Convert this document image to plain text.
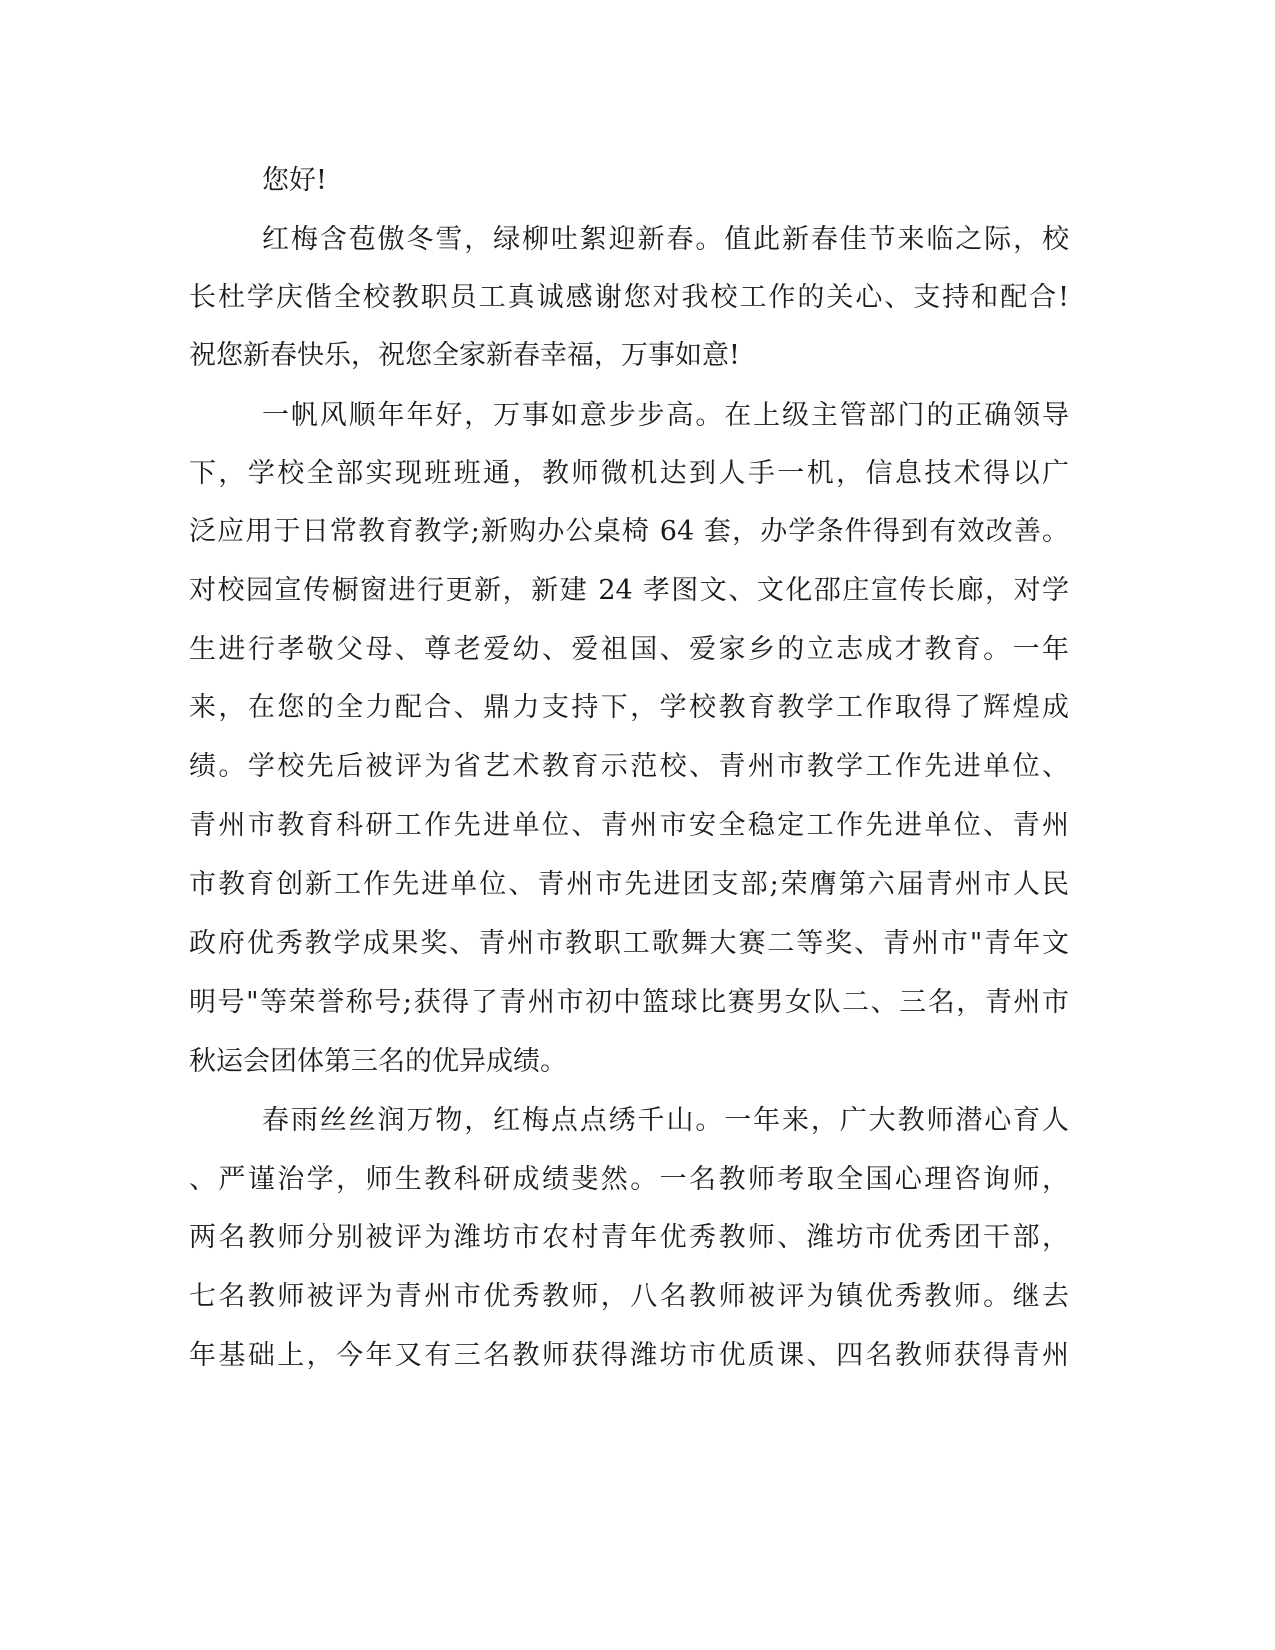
您好!

红梅含苞傲冬雪，绿柳吐絮迎新春。值此新春佳节来临之际，校

长杜学庆偕全校教职员工真诚感谢您对我校工作的关心、支持和配合!

祝您新春快乐，祝您全家新春幸福，万事如意!

一帆风顺年年好，万事如意步步高。在上级主管部门的正确领导

下，学校全部实现班班通，教师微机达到人手一机，信息技术得以广

泛应用于日常教育教学;新购办公桌椅 64 套，办学条件得到有效改善。

对校园宣传橱窗进行更新，新建 24 孝图文、文化邵庄宣传长廊，对学

生进行孝敬父母、尊老爱幼、爱祖国、爱家乡的立志成才教育。一年

来，在您的全力配合、鼎力支持下，学校教育教学工作取得了辉煌成

绩。学校先后被评为省艺术教育示范校、青州市教学工作先进单位、

青州市教育科研工作先进单位、青州市安全稳定工作先进单位、青州

市教育创新工作先进单位、青州市先进团支部;荣膺第六届青州市人民

政府优秀教学成果奖、青州市教职工歌舞大赛二等奖、青州市"青年文

明号"等荣誉称号;获得了青州市初中篮球比赛男女队二、三名，青州市

秋运会团体第三名的优异成绩。

春雨丝丝润万物，红梅点点绣千山。一年来，广大教师潜心育人

、严谨治学，师生教科研成绩斐然。一名教师考取全国心理咨询师，

两名教师分别被评为潍坊市农村青年优秀教师、潍坊市优秀团干部，

七名教师被评为青州市优秀教师，八名教师被评为镇优秀教师。继去

年基础上，今年又有三名教师获得潍坊市优质课、四名教师获得青州
